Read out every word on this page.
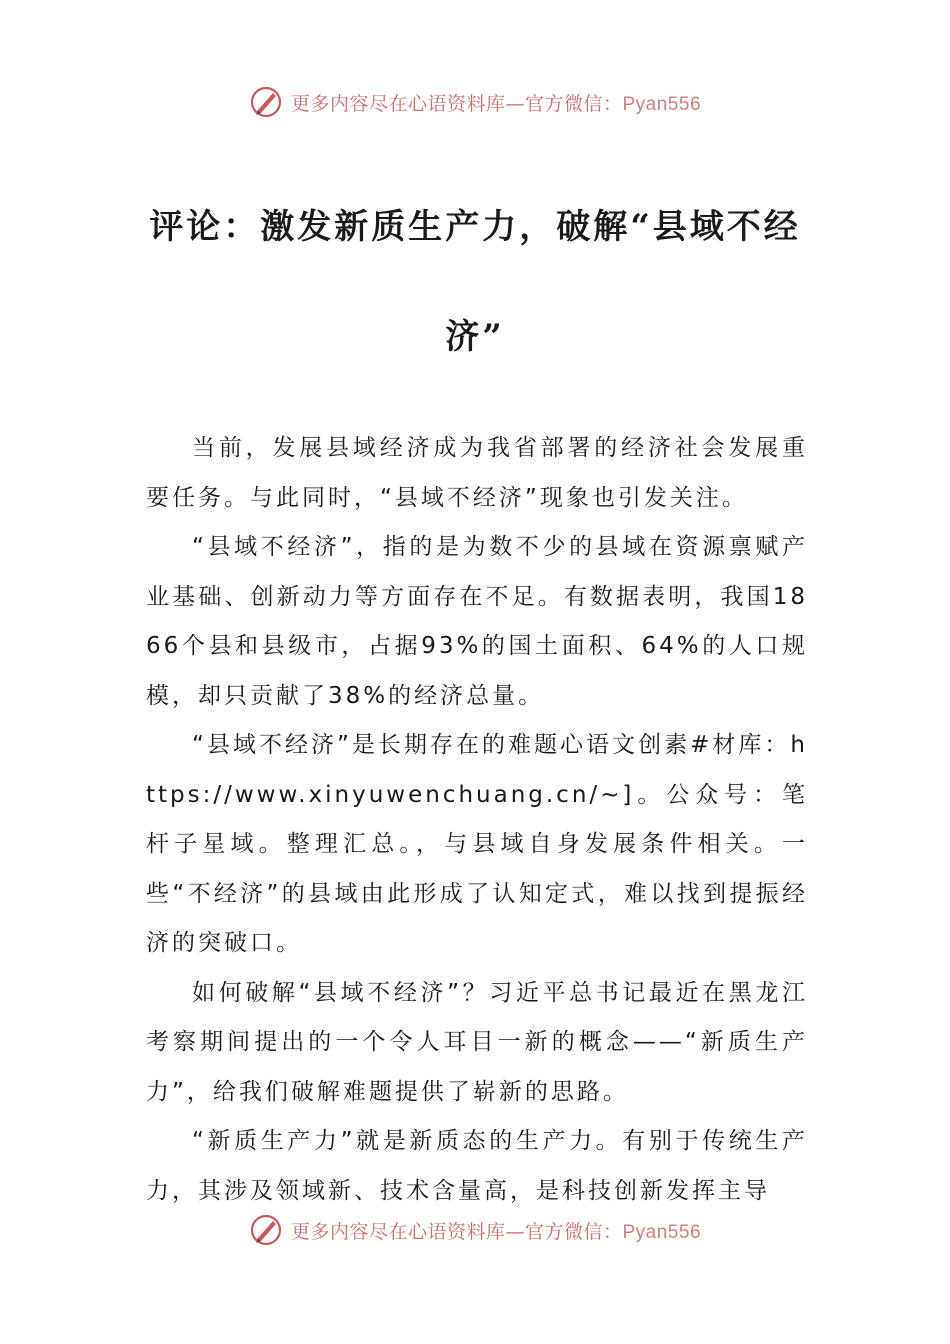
更多内容尽在心语资料库—官方微信：Pyan556
评论：激发新质生产力，破解“县域不经济”

当前，发展县域经济成为我省部署的经济社会发展重要任务。与此同时，“县域不经济”现象也引发关注。

“县域不经济”，指的是为数不少的县域在资源禀赋产业基础、创新动力等方面存在不足。有数据表明，我国1866个县和县级市，占据93%的国土面积、64%的人口规模，却只贡献了38%的经济总量。

“县域不经济”是长期存在的难题心语文创素#材库：https://www.xinyuwenchuang.cn/~]。公众号：笔杆子星域。整理汇总。，与县域自身发展条件相关。一些“不经济”的县域由此形成了认知定式，难以找到提振经济的突破口。

如何破解“县域不经济”？习近平总书记最近在黑龙江考察期间提出的一个令人耳目一新的概念——“新质生产力”，给我们破解难题提供了崭新的思路。

“新质生产力”就是新质态的生产力。有别于传统生产力，其涉及领域新、技术含量高，是科技创新发挥主导

更多内容尽在心语资料库—官方微信：Pyan556
